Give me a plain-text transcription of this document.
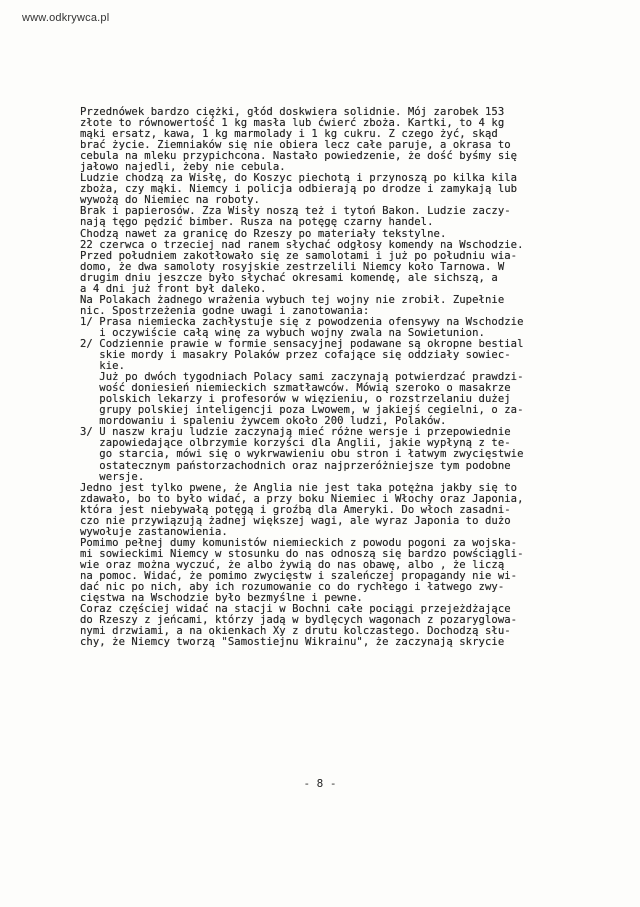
www.odkrywca.pl
Przednówek bardzo ciężki, głód doskwiera solidnie. Mój zarobek 153
złote to równowertość 1 kg masła lub ćwierć zboża. Kartki, to 4 kg
mąki ersatz, kawa, 1 kg marmolady i 1 kg cukru. Z czego żyć, skąd
brać życie. Ziemniaków się nie obiera lecz całe paruje, a okrasa to
cebula na mleku przypichcona. Nastało powiedzenie, że dość byśmy się
jałowo najedli, żeby nie cebula.
Ludzie chodzą za Wisłę, do Koszyc piechotą i przynoszą po kilka kila
zboża, czy mąki. Niemcy i policja odbierają po drodze i zamykają lub
wywożą do Niemiec na roboty.
Brak i papierosów. Zza Wisły noszą też i tytoń Bakon. Ludzie zaczy-
nają tęgo pędzić bimber. Rusza na potęgę czarny handel.
Chodzą nawet za granicę do Rzeszy po materiały tekstylne.
22 czerwca o trzeciej nad ranem słychać odgłosy komendy na Wschodzie.
Przed południem zakotłowało się ze samolotami i już po południu wia-
domo, że dwa samoloty rosyjskie zestrzelili Niemcy koło Tarnowa. W
drugim dniu jeszcze było słychać okresami komendę, ale sichszą, a
a 4 dni już front był daleko.
Na Polakach żadnego wrażenia wybuch tej wojny nie zrobił. Zupełnie
nic. Spostrzeżenia godne uwagi i zanotowania:
1/ Prasa niemiecka zachłystuje się z powodzenia ofensywy na Wschodzie
i oczywiście całą winę za wybuch wojny zwala na Sowietunion.
2/ Codziennie prawie w formie sensacyjnej podawane są okropne bestial
skie mordy i masakry Polaków przez cofające się oddziały sowiec-
kie.
Już po dwóch tygodniach Polacy sami zaczynają potwierdzać prawdzi-
wość doniesień niemieckich szmatławców. Mówią szeroko o masakrze
polskich lekarzy i profesorów w więzieniu, o rozstrzelaniu dużej
grupy polskiej inteligencji poza Lwowem, w jakiejś cegielni, o za-
mordowaniu i spaleniu żywcem około 200 ludzi, Polaków.
3/ U naszw kraju ludzie zaczynają mieć różne wersje i przepowiednie
zapowiedające olbrzymie korzyści dla Anglii, jakie wypłyną z te-
go starcia, mówi się o wykrwawieniu obu stron i łatwym zwycięstwie
ostatecznym państorzachodnich oraz najprzeróżniejsze tym podobne
wersje.
Jedno jest tylko pwene, że Anglia nie jest taka potężna jakby się to
zdawało, bo to było widać, a przy boku Niemiec i Włochy oraz Japonia,
która jest niebywałą potęgą i groźbą dla Ameryki. Do włoch zasadni-
czo nie przywiązują żadnej większej wagi, ale wyraz Japonia to dużo
wywołuje zastanowienia.
Pomimo pełnej dumy komunistów niemieckich z powodu pogoni za wojska-
mi sowieckimi Niemcy w stosunku do nas odnoszą się bardzo powściągli-
wie oraz można wyczuć, że albo żywią do nas obawę, albo , że liczą
na pomoc. Widać, że pomimo zwycięstw i szaleńczej propagandy nie wi-
dać nic po nich, aby ich rozumowanie co do rychłego i łatwego zwy-
cięstwa na Wschodzie było bezmyślne i pewne.
Coraz częściej widać na stacji w Bochni całe pociągi przejeżdżające
do Rzeszy z jeńcami, którzy jadą w bydlęcych wagonach z pozaryglowa-
nymi drzwiami, a na okienkach Xy z drutu kolczastego. Dochodzą słu-
chy, że Niemcy tworzą "Samostiejnu Wikrainu", że zaczynają skrycie
- 8 -
